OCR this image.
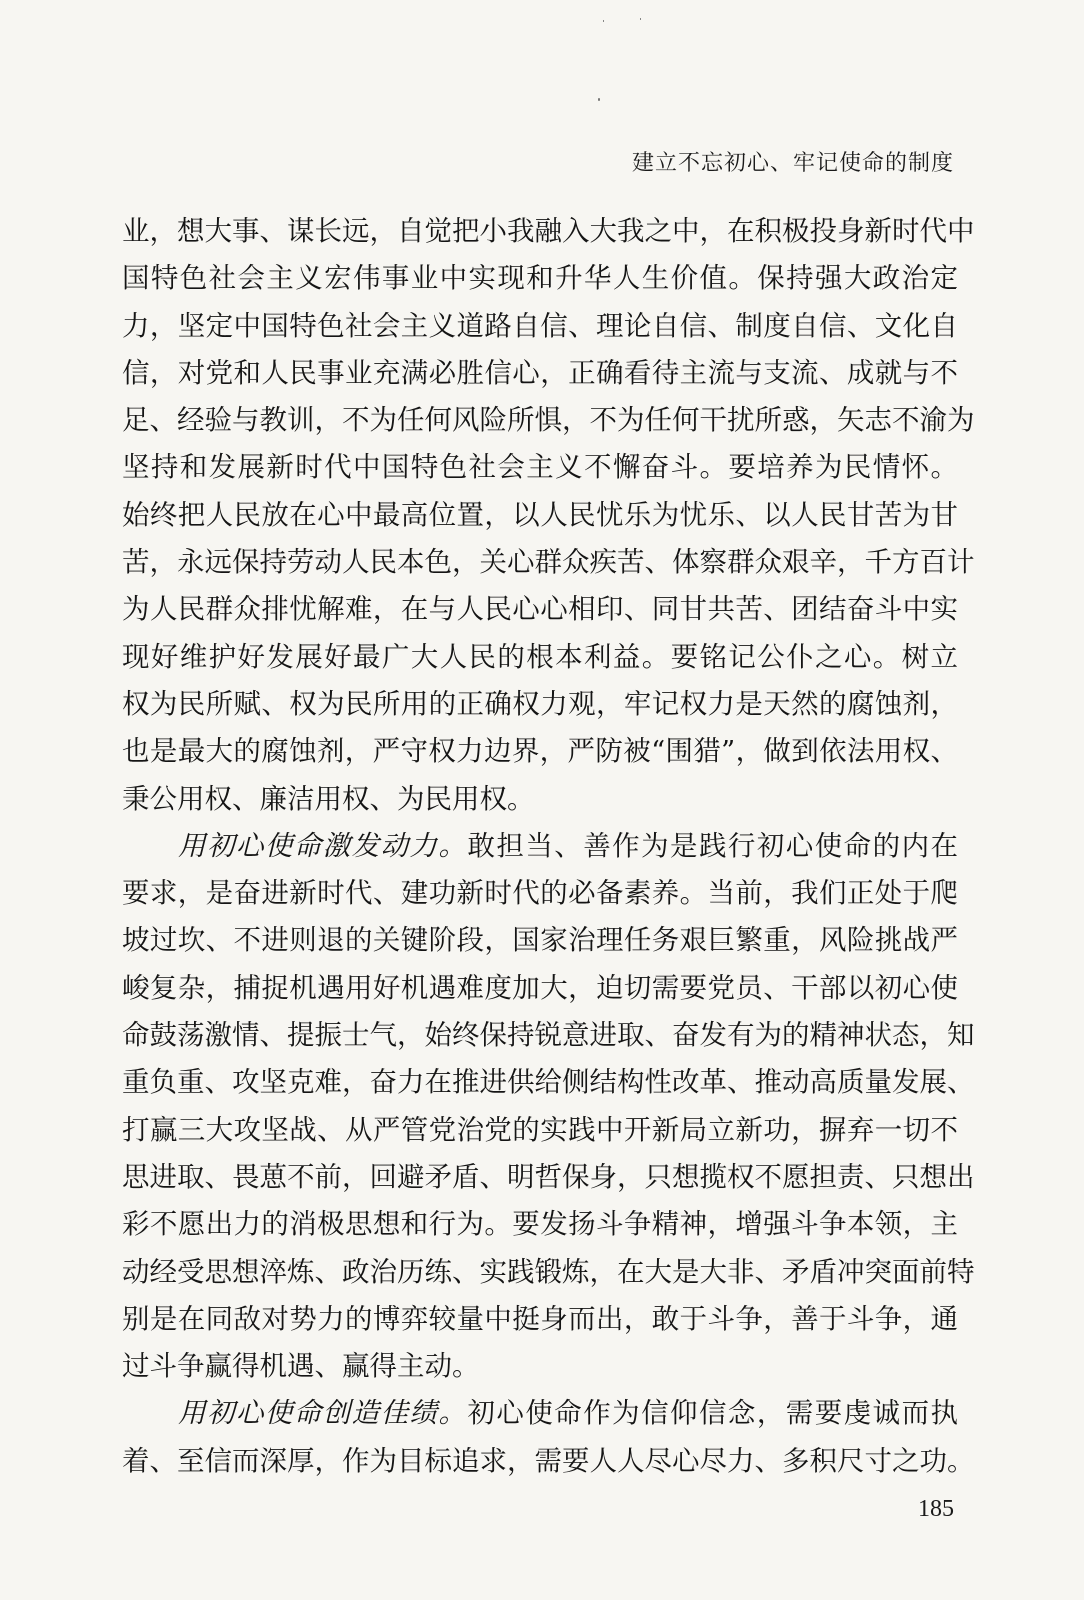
建立不忘初心、牢记使命的制度

业，想大事、谋长远，自觉把小我融入大我之中，在积极投身新时代中
国特色社会主义宏伟事业中实现和升华人生价值。保持强大政治定
力，坚定中国特色社会主义道路自信、理论自信、制度自信、文化自
信，对党和人民事业充满必胜信心，正确看待主流与支流、成就与不
足、经验与教训，不为任何风险所惧，不为任何干扰所惑，矢志不渝为
坚持和发展新时代中国特色社会主义不懈奋斗。要培养为民情怀。
始终把人民放在心中最高位置，以人民忧乐为忧乐、以人民甘苦为甘
苦，永远保持劳动人民本色，关心群众疾苦、体察群众艰辛，千方百计
为人民群众排忧解难，在与人民心心相印、同甘共苦、团结奋斗中实
现好维护好发展好最广大人民的根本利益。要铭记公仆之心。树立
权为民所赋、权为民所用的正确权力观，牢记权力是天然的腐蚀剂，
也是最大的腐蚀剂，严守权力边界，严防被“围猎”，做到依法用权、
秉公用权、廉洁用权、为民用权。
用初心使命激发动力。敢担当、善作为是践行初心使命的内在
要求，是奋进新时代、建功新时代的必备素养。当前，我们正处于爬
坡过坎、不进则退的关键阶段，国家治理任务艰巨繁重，风险挑战严
峻复杂，捕捉机遇用好机遇难度加大，迫切需要党员、干部以初心使
命鼓荡激情、提振士气，始终保持锐意进取、奋发有为的精神状态，知
重负重、攻坚克难，奋力在推进供给侧结构性改革、推动高质量发展、
打赢三大攻坚战、从严管党治党的实践中开新局立新功，摒弃一切不
思进取、畏葸不前，回避矛盾、明哲保身，只想揽权不愿担责、只想出
彩不愿出力的消极思想和行为。要发扬斗争精神，增强斗争本领，主
动经受思想淬炼、政治历练、实践锻炼，在大是大非、矛盾冲突面前特
别是在同敌对势力的博弈较量中挺身而出，敢于斗争，善于斗争，通
过斗争赢得机遇、赢得主动。
用初心使命创造佳绩。初心使命作为信仰信念，需要虔诚而执
着、至信而深厚，作为目标追求，需要人人尽心尽力、多积尺寸之功。

185
